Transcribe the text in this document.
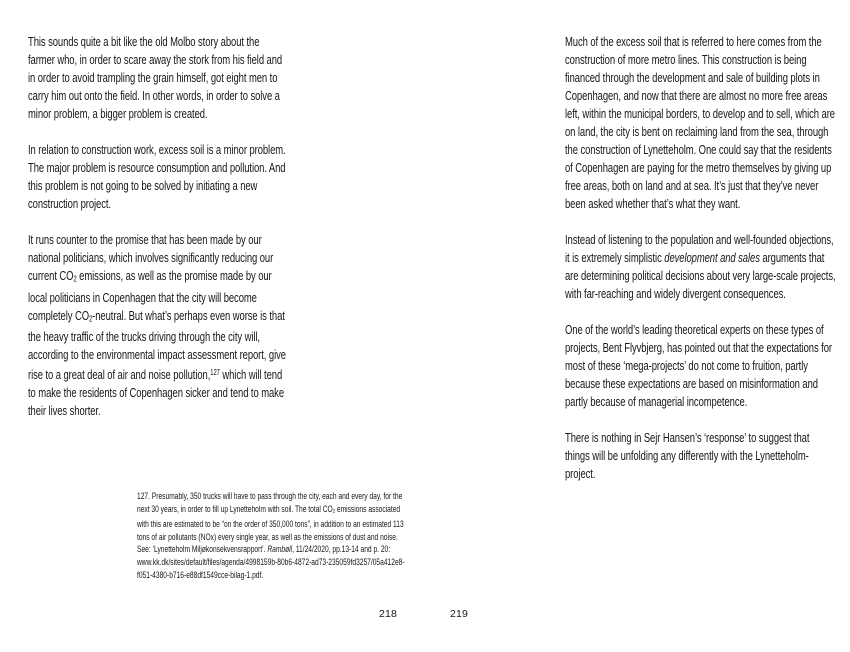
This sounds quite a bit like the old Molbo story about the farmer who, in order to scare away the stork from his field and in order to avoid trampling the grain himself, got eight men to carry him out onto the field. In other words, in order to solve a minor problem, a bigger problem is created.

In relation to construction work, excess soil is a minor problem. The major problem is resource consumption and pollution. And this problem is not going to be solved by initiating a new construction project.

It runs counter to the promise that has been made by our national politicians, which involves significantly reducing our current CO2 emissions, as well as the promise made by our local politicians in Copenhagen that the city will become completely CO2-neutral. But what’s perhaps even worse is that the heavy traffic of the trucks driving through the city will, according to the environmental impact assessment report, give rise to a great deal of air and noise pollution,$^{127}$ which will tend to make the residents of Copenhagen sicker and tend to make their lives shorter.

127. Presumably, 350 trucks will have to pass through the city, each and every day, for the next 30 years, in order to fill up Lynetteholm with soil. The total $CO_2$ emissions associated with this are estimated to be “on the order of 350,000 tons”, in addition to an estimated 113 tons of air pollutants (NOx) every single year, as well as the emissions of dust and noise. See: ‘Lynetteholm Miljøkonsekvensrapport’. Rambøll, 11/24/2020, pp.13-14 and p. 20: www.kk.dk/sites/default/files/agenda/4998159b-80b6-4872-ad73-235059fd3257/05a412e8-f051-4380-b716-e88df1549cce-bilag-1.pdf.

Much of the excess soil that is referred to here comes from the construction of more metro lines. This construction is being financed through the development and sale of building plots in Copenhagen, and now that there are almost no more free areas left, within the municipal borders, to develop and to sell, which are on land, the city is bent on reclaiming land from the sea, through the construction of Lynetteholm. One could say that the residents of Copenhagen are paying for the metro themselves by giving up free areas, both on land and at sea. It’s just that they’ve never been asked whether that’s what they want.

Instead of listening to the population and well-founded objections, it is extremely simplistic development and sales arguments that are determining political decisions about very large-scale projects, with far-reaching and widely divergent consequences.

One of the world’s leading theoretical experts on these types of projects, Bent Flyvbjerg, has pointed out that the expectations for most of these ‘mega-projects’ do not come to fruition, partly because these expectations are based on misinformation and partly because of managerial incompetence.

There is nothing in Sejr Hansen’s ‘response’ to suggest that things will be unfolding any differently with the Lynetteholm-project.

218	219
